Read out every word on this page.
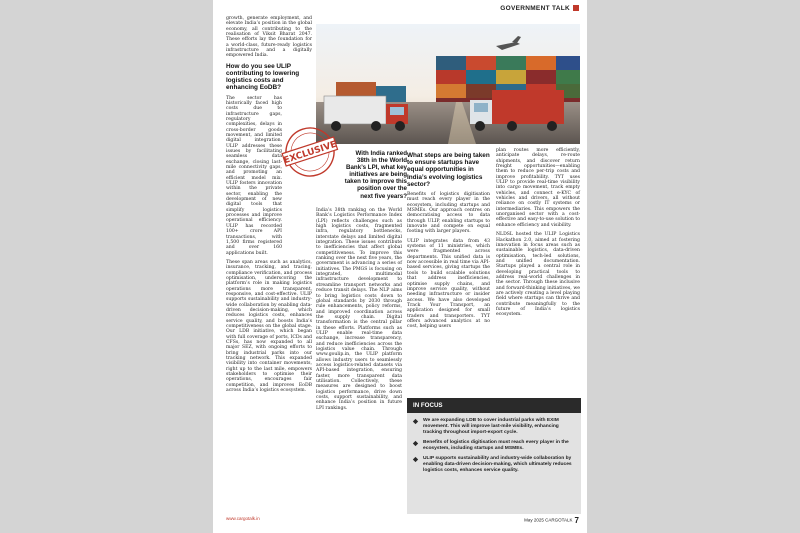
GOVERNMENT TALK

growth, generate employment, and elevate India’s position in the global economy, all contributing to the realisation of Viksit Bharat 2047. These efforts lay the foundation for a world-class, future-ready logistics infrastructure and a digitally empowered India.

How do you see ULIP contributing to lowering logistics costs and enhancing EoDB?

The sector has historically faced high costs due to infrastructure gaps, regulatory complexities, delays in cross-border goods movement, and limited digital integration. ULIP addresses these issues by facilitating seamless data exchange, closing last-mile connectivity gaps, and promoting an efficient model mix. ULIP fosters innovation within the private sector, enabling the development of new digital tools that simplify logistics processes and improve operational efficiency. ULIP has recorded 100+ crore API transactions, with 1,500 firms registered and over 160 applications built.

These span areas such as analytics, insurance, tracking, and tracing, compliance verification, and process optimisation, underscoring the platform’s role in making logistics operations more transparent, responsive, and cost-effective. ULIP supports sustainability and industry-wide collaboration by enabling data-driven decision-making, which reduces logistics costs, enhances service quality, and boosts India’s competitiveness on the global stage. Our LDB initiative, which began with full coverage of ports, ICDs and CFSs, has now expanded to all major SEZ, with ongoing efforts to bring industrial parks into our tracking network. This expanded visibility into container movements, right up to the last mile, empowers stakeholders to optimise their operations, encourages fair competition, and improves EoDB across India’s logistics ecosystem.

EXCLUSIVE	With India ranked 38th in the World Bank’s LPI, what key initiatives are being taken to improve this position over the next five years?

India’s 38th ranking on the World Bank’s Logistics Performance Index (LPI) reflects challenges such as high logistics costs, fragmented infra, regulatory bottlenecks, interstate delays and limited digital integration. These issues contribute to inefficiencies that affect global competitiveness. To improve this ranking over the next five years, the government is advancing a series of initiatives. The PMGS is focusing on integrated, multimodal infrastructure development to streamline transport networks and reduce transit delays. The NLP aims to bring logistics costs down to global standards by 2030 through rule enhancements, policy reforms, and improved coordination across the supply chain. Digital transformation is the central pillar in these efforts. Platforms such as ULIP enable real-time data exchange, increase transparency, and reduce inefficiencies across the logistics value chain. Through www.goulip.in, the ULIP platform allows industry users to seamlessly access logistics-related datasets via API-based integration, ensuring faster, more transparent data utilisation. Collectively, these measures are designed to boost logistics performance, drive down costs, support sustainability, and enhance India’s position in future LPI rankings.

What steps are being taken to ensure startups have equal opportunities in India’s evolving logistics sector?

Benefits of logistics digitisation must reach every player in the ecosystem, including startups and MSMEs. Our approach centres on democratising access to data through ULIP, enabling startups to innovate and compete on equal footing with larger players.

ULIP integrates data from 43 systems of 11 ministries, which were fragmented across departments. This unified data is now accessible in real time via API-based services, giving startups the tools to build scalable solutions that address inefficiencies, optimise supply chains, and improve service quality, without needing infrastructure or insider access. We have also developed Track Your Transport, an application designed for small traders and transporters. TYT offers advanced analytics at no cost, helping users

plan routes more efficiently, anticipate delays, re-route shipments, and discover return freight opportunities—enabling them to reduce per-trip costs and improve profitability. TYT uses ULIP to provide real-time visibility into cargo movement, track empty vehicles, and connect e-KYC of vehicles and drivers, all without reliance on costly IT systems or intermediaries. This empowers the unorganised sector with a cost-effective and easy-to-use solution to enhance efficiency and visibility.

NLDSL hosted the ULIP Logistics Hackathon 2.0, aimed at fostering innovation in focus areas such as sustainable logistics, data-driven optimisation, tech-led solutions, and unified documentation. Startups played a central role in developing practical tools to address real-world challenges in the sector. Through these inclusive and forward-thinking initiatives, we are actively creating a level playing field where startups can thrive and contribute meaningfully to the future of India’s logistics ecosystem.

IN FOCUS
We are expanding LDB to cover industrial parks with EXIM movement. This will improve last-mile visibility, enhancing tracking throughout import-export cycle.
Benefits of logistics digitisation must reach every player in the ecosystem, including startups and MSMEs.
ULIP supports sustainability and industry-wide collaboration by enabling data-driven decision-making, which ultimately reduces logistics costs, enhances service quality.
www.cargotalk.in	May 2025 CARGOTALK 7
